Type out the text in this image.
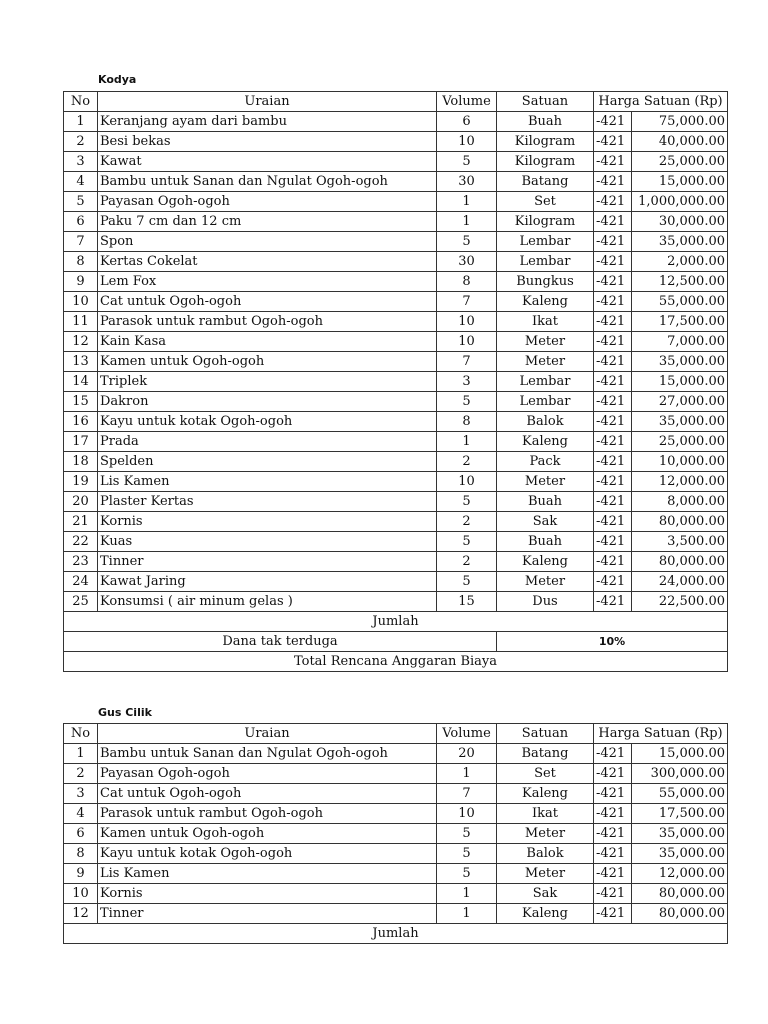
Kodya
No	Uraian	Volume	Satuan	Harga Satuan (Rp)	
1	Keranjang ayam dari bambu	6	Buah	-421	75,000.00
2	Besi bekas	10	Kilogram	-421	40,000.00
3	Kawat	5	Kilogram	-421	25,000.00
4	Bambu untuk Sanan dan Ngulat Ogoh-ogoh	30	Batang	-421	15,000.00
5	Payasan Ogoh-ogoh	1	Set	-421	1,000,000.00
6	Paku 7 cm dan 12 cm	1	Kilogram	-421	30,000.00
7	Spon	5	Lembar	-421	35,000.00
8	Kertas Cokelat	30	Lembar	-421	2,000.00
9	Lem Fox	8	Bungkus	-421	12,500.00
10	Cat untuk Ogoh-ogoh	7	Kaleng	-421	55,000.00
11	Parasok untuk rambut Ogoh-ogoh	10	Ikat	-421	17,500.00
12	Kain Kasa	10	Meter	-421	7,000.00
13	Kamen untuk Ogoh-ogoh	7	Meter	-421	35,000.00
14	Triplek	3	Lembar	-421	15,000.00
15	Dakron	5	Lembar	-421	27,000.00
16	Kayu untuk kotak Ogoh-ogoh	8	Balok	-421	35,000.00
17	Prada	1	Kaleng	-421	25,000.00
18	Spelden	2	Pack	-421	10,000.00
19	Lis Kamen	10	Meter	-421	12,000.00
20	Plaster Kertas	5	Buah	-421	8,000.00
21	Kornis	2	Sak	-421	80,000.00
22	Kuas	5	Buah	-421	3,500.00
23	Tinner	2	Kaleng	-421	80,000.00
24	Kawat Jaring	5	Meter	-421	24,000.00
25	Konsumsi ( air minum gelas )	15	Dus	-421	22,500.00
Jumlah					
Dana tak terduga			10%		
Total Rencana Anggaran Biaya					
Gus Cilik
No	Uraian	Volume	Satuan	Harga Satuan (Rp)	
1	Bambu untuk Sanan dan Ngulat Ogoh-ogoh	20	Batang	-421	15,000.00
2	Payasan Ogoh-ogoh	1	Set	-421	300,000.00
3	Cat untuk Ogoh-ogoh	7	Kaleng	-421	55,000.00
4	Parasok untuk rambut Ogoh-ogoh	10	Ikat	-421	17,500.00
6	Kamen untuk Ogoh-ogoh	5	Meter	-421	35,000.00
8	Kayu untuk kotak Ogoh-ogoh	5	Balok	-421	35,000.00
9	Lis Kamen	5	Meter	-421	12,000.00
10	Kornis	1	Sak	-421	80,000.00
12	Tinner	1	Kaleng	-421	80,000.00
Jumlah					
